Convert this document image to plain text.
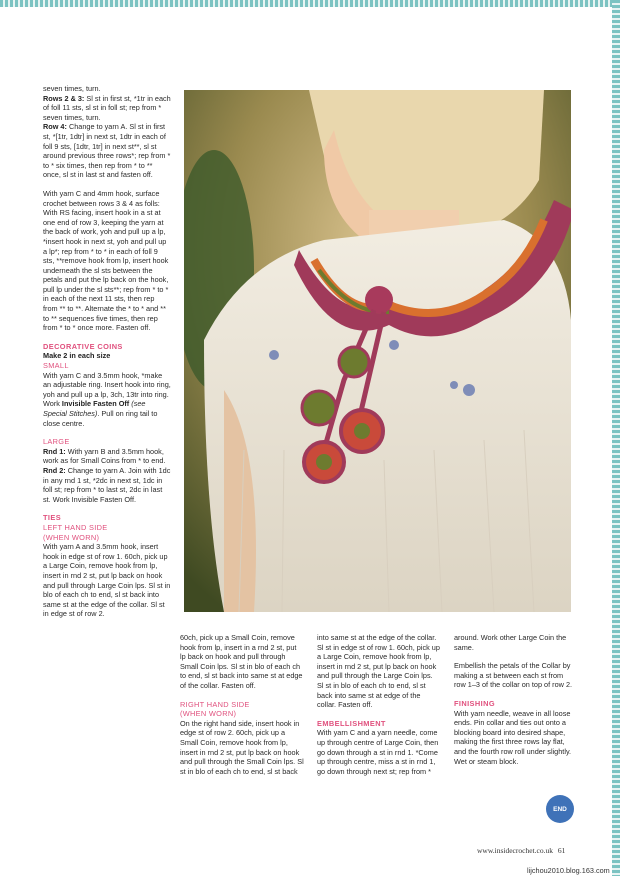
seven times, turn.
Rows 2 & 3: Sl st in first st, *1tr in each of foll 11 sts, sl st in foll st; rep from * seven times, turn.
Row 4: Change to yarn A. Sl st in first st, *[1tr, 1dtr] in next st, 1dtr in each of foll 9 sts, [1dtr, 1tr] in next st**, sl st around previous three rows*; rep from * to * six times, then rep from * to ** once, sl st in last st and fasten off.

With yarn C and 4mm hook, surface crochet between rows 3 & 4 as folls:

With RS facing, insert hook in a st at one end of row 3, keeping the yarn at the back of work, yoh and pull up a lp, *insert hook in next st, yoh and pull up a lp*; rep from * to * in each of foll 9 sts, **remove hook from lp, insert hook underneath the sl sts between the petals and put the lp back on the hook, pull lp under the sl sts**; rep from * to * in each of the next 11 sts, then rep from ** to **. Alternate the * to * and ** to ** sequences five times, then rep from * to * once more. Fasten off.

DECORATIVE COINS
Make 2 in each size
SMALL
With yarn C and 3.5mm hook, *make an adjustable ring. Insert hook into ring, yoh and pull up a lp, 3ch, 13tr into ring. Work Invisible Fasten Off (see Special Stitches). Pull on ring tail to close centre.

LARGE
Rnd 1: With yarn B and 3.5mm hook, work as for Small Coins from * to end.
Rnd 2: Change to yarn A. Join with 1dc in any rnd 1 st, *2dc in next st, 1dc in foll st; rep from * to last st, 2dc in last st. Work Invisible Fasten Off.

TIES
LEFT HAND SIDE
(WHEN WORN)
With yarn A and 3.5mm hook, insert hook in edge st of row 1. 60ch, pick up a Large Coin, remove hook from lp, insert in rnd 2 st, put lp back on hook and pull through Large Coin lps. Sl st in blo of each ch to end, sl st back into same st at the edge of the collar. Sl st in edge st of row 2.

60ch, pick up a Small Coin, remove hook from lp, insert in a rnd 2 st, put lp back on hook and pull through Small Coin lps. Sl st in blo of each ch to end, sl st back into same st at edge of the collar. Fasten off.

RIGHT HAND SIDE
(WHEN WORN)
On the right hand side, insert hook in edge st of row 2. 60ch, pick up a Small Coin, remove hook from lp, insert in rnd 2 st, put lp back on hook and pull through the Small Coin lps. Sl st in blo of each ch to end, sl st back

into same st at the edge of the collar. Sl st in edge st of row 1. 60ch, pick up a Large Coin, remove hook from lp, insert in rnd 2 st, put lp back on hook and pull through the Large Coin lps. Sl st in blo of each ch to end, sl st back into same st at edge of the collar. Fasten off.

EMBELLISHMENT
With yarn C and a yarn needle, come up through centre of Large Coin, then go down through a st in rnd 1. *Come up through centre, miss a st in rnd 1, go down through next st; rep from *

around. Work other Large Coin the same.

Embellish the petals of the Collar by making a st between each st from row 1–3 of the collar on top of row 2.

FINISHING
With yarn needle, weave in all loose ends. Pin collar and ties out onto a blocking board into desired shape, making the first three rows lay flat, and the fourth row roll under slightly. Wet or steam block.

END
www.insidecrochet.co.uk 61
lijchou2010.blog.163.com
